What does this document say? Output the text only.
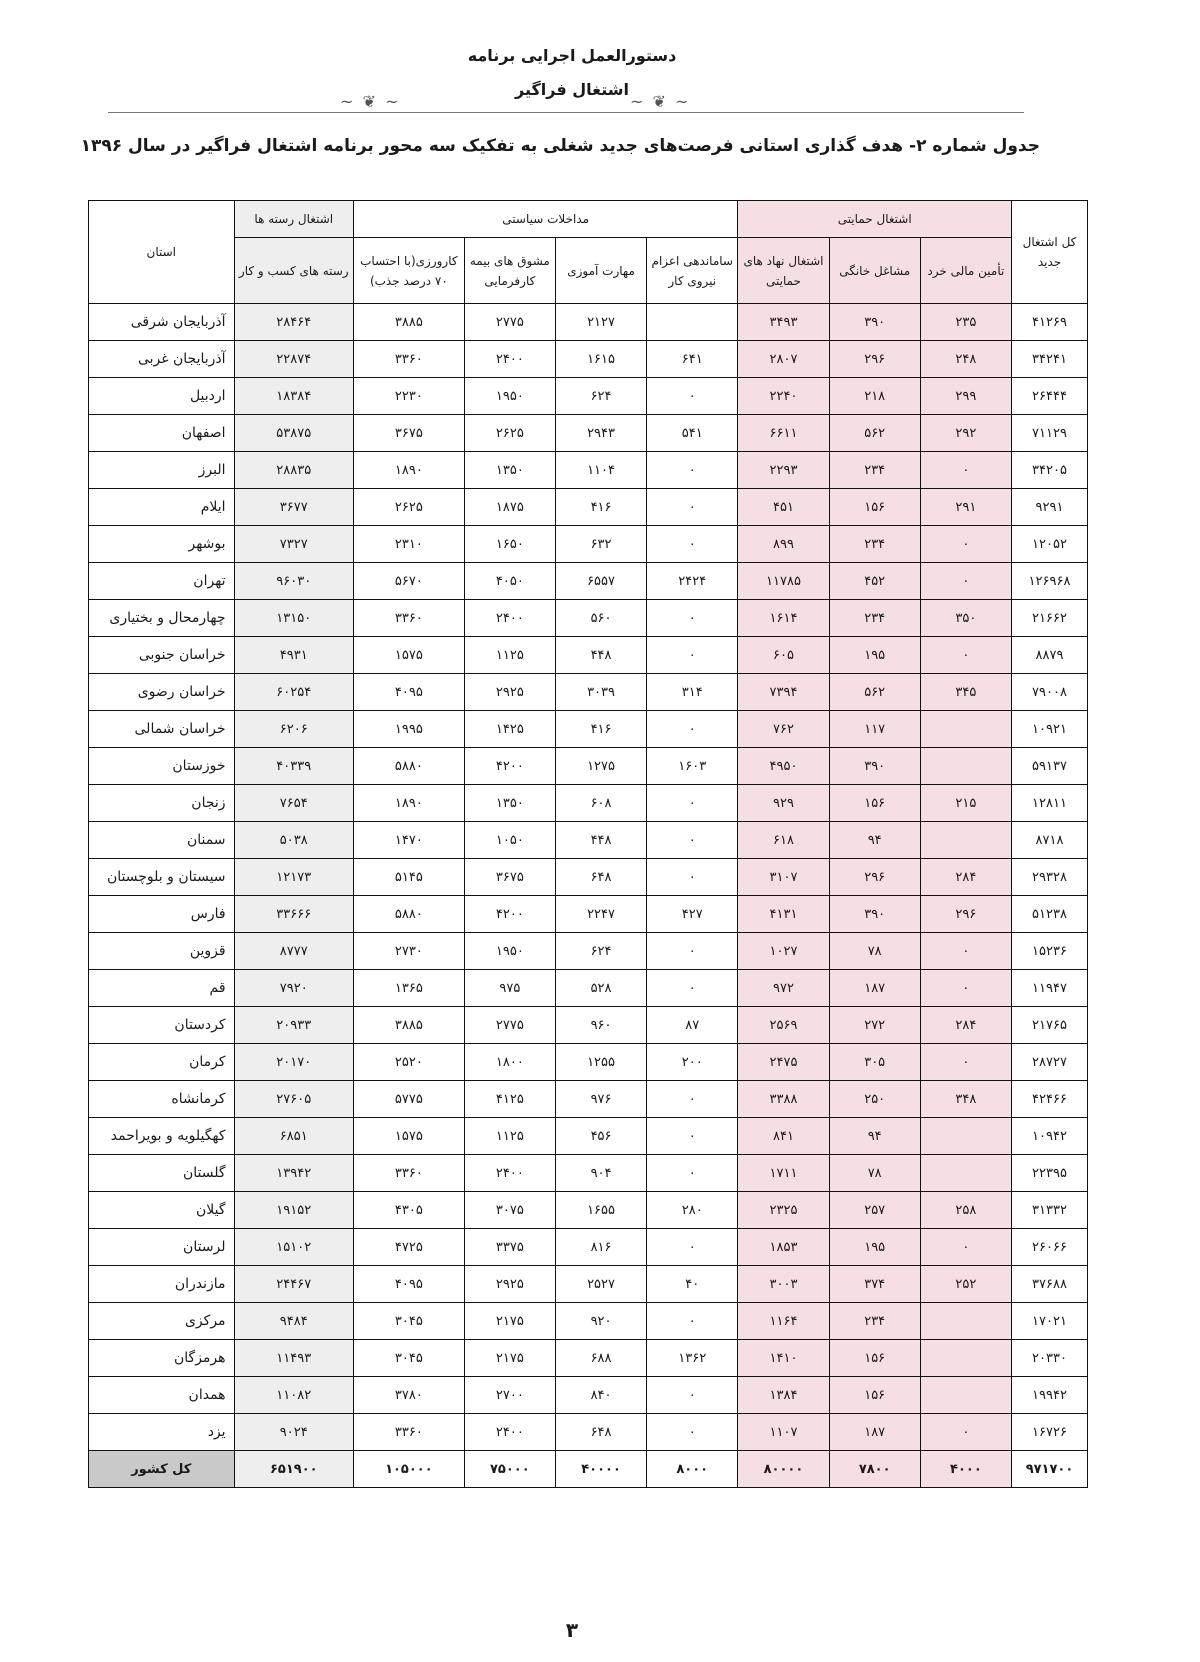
دستورالعمل اجرایی برنامه
اشتغال فراگیر
~ ❦ ~	~ ❦ ~
جدول شماره ۲- هدف گذاری استانی فرصت‌های جدید شغلی به تفکیک سه محور برنامه اشتغال فراگیر در سال ۱۳۹۶
کل اشتغال جدید	اشتغال حمایتی			مداخلات سیاستی				اشتغال رسته ها	استان
	تأمین مالی خرد	مشاغل خانگی	اشتغال نهاد های حمایتی	ساماندهی اعزام نیروی کار	مهارت آموزی	مشوق های بیمه کارفرمایی	کارورزی(با احتساب ۷۰ درصد جذب)	رسته های کسب و کار	
۴۱۲۶۹	۲۳۵	۳۹۰	۳۴۹۳		۲۱۲۷	۲۷۷۵	۳۸۸۵	۲۸۴۶۴	آذربایجان شرقی
۳۴۲۴۱	۲۴۸	۲۹۶	۲۸۰۷	۶۴۱	۱۶۱۵	۲۴۰۰	۳۳۶۰	۲۲۸۷۴	آذربایجان غربی
۲۶۴۴۴	۲۹۹	۲۱۸	۲۲۴۰	۰	۶۲۴	۱۹۵۰	۲۲۳۰	۱۸۳۸۴	اردبیل
۷۱۱۲۹	۲۹۲	۵۶۲	۶۶۱۱	۵۴۱	۲۹۴۳	۲۶۲۵	۳۶۷۵	۵۳۸۷۵	اصفهان
۳۴۲۰۵	۰	۲۳۴	۲۲۹۳	۰	۱۱۰۴	۱۳۵۰	۱۸۹۰	۲۸۸۳۵	البرز
۹۲۹۱	۲۹۱	۱۵۶	۴۵۱	۰	۴۱۶	۱۸۷۵	۲۶۲۵	۳۶۷۷	ایلام
۱۲۰۵۲	۰	۲۳۴	۸۹۹	۰	۶۳۲	۱۶۵۰	۲۳۱۰	۷۳۲۷	بوشهر
۱۲۶۹۶۸	۰	۴۵۲	۱۱۷۸۵	۲۴۲۴	۶۵۵۷	۴۰۵۰	۵۶۷۰	۹۶۰۳۰	تهران
۲۱۶۶۲	۳۵۰	۲۳۴	۱۶۱۴	۰	۵۶۰	۲۴۰۰	۳۳۶۰	۱۳۱۵۰	چهارمحال و بختیاری
۸۸۷۹	۰	۱۹۵	۶۰۵	۰	۴۴۸	۱۱۲۵	۱۵۷۵	۴۹۳۱	خراسان جنوبی
۷۹۰۰۸	۳۴۵	۵۶۲	۷۳۹۴	۳۱۴	۳۰۳۹	۲۹۲۵	۴۰۹۵	۶۰۲۵۴	خراسان رضوی
۱۰۹۲۱		۱۱۷	۷۶۲	۰	۴۱۶	۱۴۲۵	۱۹۹۵	۶۲۰۶	خراسان شمالی
۵۹۱۳۷		۳۹۰	۴۹۵۰	۱۶۰۳	۱۲۷۵	۴۲۰۰	۵۸۸۰	۴۰۳۳۹	خوزستان
۱۲۸۱۱	۲۱۵	۱۵۶	۹۲۹	۰	۶۰۸	۱۳۵۰	۱۸۹۰	۷۶۵۴	زنجان
۸۷۱۸		۹۴	۶۱۸	۰	۴۴۸	۱۰۵۰	۱۴۷۰	۵۰۳۸	سمنان
۲۹۳۲۸	۲۸۴	۲۹۶	۳۱۰۷	۰	۶۴۸	۳۶۷۵	۵۱۴۵	۱۲۱۷۳	سیستان و بلوچستان
۵۱۲۳۸	۲۹۶	۳۹۰	۴۱۳۱	۴۲۷	۲۲۴۷	۴۲۰۰	۵۸۸۰	۳۳۶۶۶	فارس
۱۵۲۳۶	۰	۷۸	۱۰۲۷	۰	۶۲۴	۱۹۵۰	۲۷۳۰	۸۷۷۷	قزوین
۱۱۹۴۷	۰	۱۸۷	۹۷۲	۰	۵۲۸	۹۷۵	۱۳۶۵	۷۹۲۰	قم
۲۱۷۶۵	۲۸۴	۲۷۲	۲۵۶۹	۸۷	۹۶۰	۲۷۷۵	۳۸۸۵	۲۰۹۳۳	کردستان
۲۸۷۲۷	۰	۳۰۵	۲۴۷۵	۲۰۰	۱۲۵۵	۱۸۰۰	۲۵۲۰	۲۰۱۷۰	کرمان
۴۲۴۶۶	۳۴۸	۲۵۰	۳۳۸۸	۰	۹۷۶	۴۱۲۵	۵۷۷۵	۲۷۶۰۵	کرمانشاه
۱۰۹۴۲		۹۴	۸۴۱	۰	۴۵۶	۱۱۲۵	۱۵۷۵	۶۸۵۱	کهگیلویه و بویراحمد
۲۲۳۹۵		۷۸	۱۷۱۱	۰	۹۰۴	۲۴۰۰	۳۳۶۰	۱۳۹۴۲	گلستان
۳۱۳۳۲	۲۵۸	۲۵۷	۲۳۲۵	۲۸۰	۱۶۵۵	۳۰۷۵	۴۳۰۵	۱۹۱۵۲	گیلان
۲۶۰۶۶	۰	۱۹۵	۱۸۵۳	۰	۸۱۶	۳۳۷۵	۴۷۲۵	۱۵۱۰۲	لرستان
۳۷۶۸۸	۲۵۲	۳۷۴	۳۰۰۳	۴۰	۲۵۲۷	۲۹۲۵	۴۰۹۵	۲۴۴۶۷	مازندران
۱۷۰۲۱		۲۳۴	۱۱۶۴	۰	۹۲۰	۲۱۷۵	۳۰۴۵	۹۴۸۴	مرکزی
۲۰۳۳۰		۱۵۶	۱۴۱۰	۱۳۶۲	۶۸۸	۲۱۷۵	۳۰۴۵	۱۱۴۹۳	هرمزگان
۱۹۹۴۲		۱۵۶	۱۳۸۴	۰	۸۴۰	۲۷۰۰	۳۷۸۰	۱۱۰۸۲	همدان
۱۶۷۲۶	۰	۱۸۷	۱۱۰۷	۰	۶۴۸	۲۴۰۰	۳۳۶۰	۹۰۲۴	یزد
۹۷۱۷۰۰	۴۰۰۰	۷۸۰۰	۸۰۰۰۰	۸۰۰۰	۴۰۰۰۰	۷۵۰۰۰	۱۰۵۰۰۰	۶۵۱۹۰۰	کل کشور
۳
